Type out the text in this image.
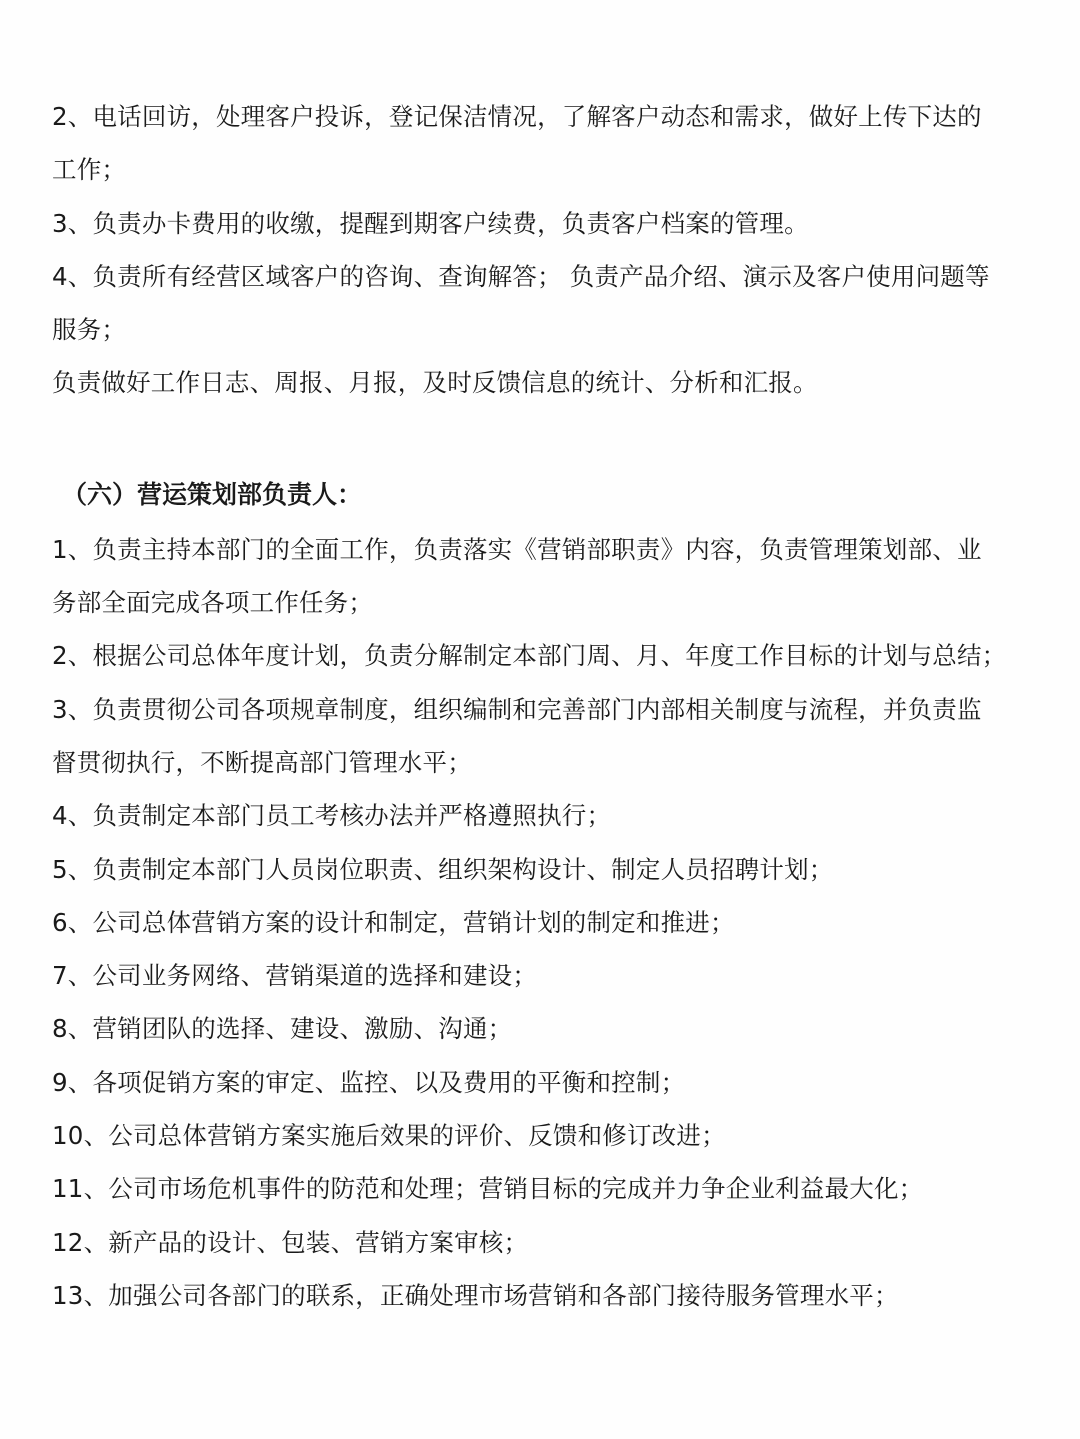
2、电话回访，处理客户投诉，登记保洁情况，了解客户动态和需求，做好上传下达的
工作；
3、负责办卡费用的收缴，提醒到期客户续费，负责客户档案的管理。
4、负责所有经营区域客户的咨询、查询解答； 负责产品介绍、演示及客户使用问题等
服务；
负责做好工作日志、周报、月报，及时反馈信息的统计、分析和汇报。
（六）营运策划部负责人：
1、负责主持本部门的全面工作，负责落实《营销部职责》内容，负责管理策划部、业
务部全面完成各项工作任务；
2、根据公司总体年度计划，负责分解制定本部门周、月、年度工作目标的计划与总结；
3、负责贯彻公司各项规章制度，组织编制和完善部门内部相关制度与流程，并负责监
督贯彻执行，不断提高部门管理水平；
4、负责制定本部门员工考核办法并严格遵照执行；
5、负责制定本部门人员岗位职责、组织架构设计、制定人员招聘计划；
6、公司总体营销方案的设计和制定，营销计划的制定和推进；
7、公司业务网络、营销渠道的选择和建设；
8、营销团队的选择、建设、激励、沟通；
9、各项促销方案的审定、监控、以及费用的平衡和控制；
10、公司总体营销方案实施后效果的评价、反馈和修订改进；
11、公司市场危机事件的防范和处理；营销目标的完成并力争企业利益最大化；
12、新产品的设计、包装、营销方案审核；
13、加强公司各部门的联系，正确处理市场营销和各部门接待服务管理水平；
